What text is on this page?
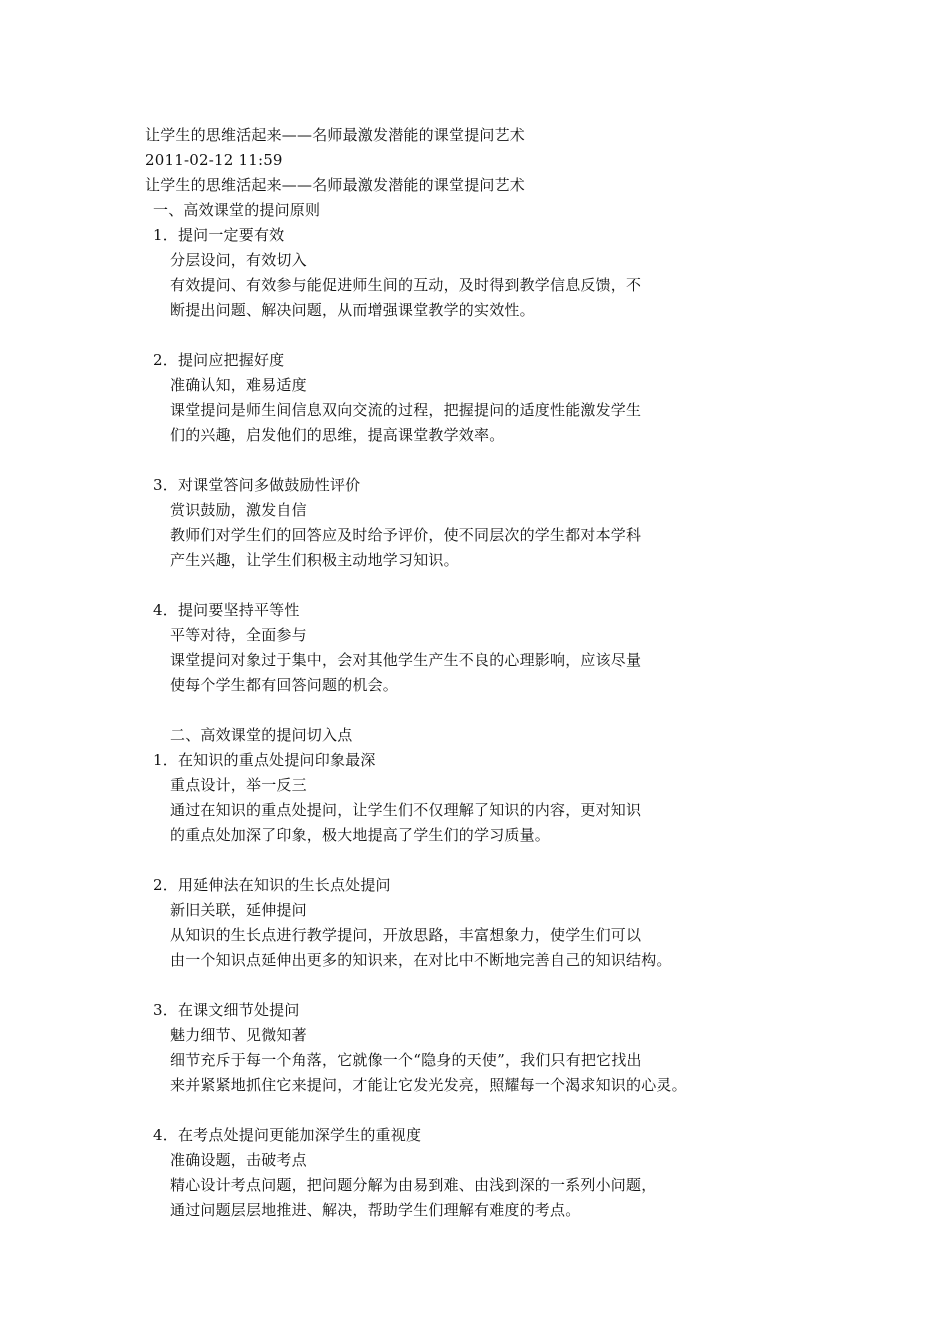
让学生的思维活起来——名师最激发潜能的课堂提问艺术
2011-02-12 11:59
让学生的思维活起来——名师最激发潜能的课堂提问艺术
一、高效课堂的提问原则
1．提问一定要有效
分层设问，有效切入
有效提问、有效参与能促进师生间的互动，及时得到教学信息反馈，不
断提出问题、解决问题，从而增强课堂教学的实效性。
2．提问应把握好度
准确认知，难易适度
课堂提问是师生间信息双向交流的过程，把握提问的适度性能激发学生
们的兴趣，启发他们的思维，提高课堂教学效率。
3．对课堂答问多做鼓励性评价
赏识鼓励，激发自信
教师们对学生们的回答应及时给予评价，使不同层次的学生都对本学科
产生兴趣，让学生们积极主动地学习知识。
4．提问要坚持平等性
平等对待，全面参与
课堂提问对象过于集中，会对其他学生产生不良的心理影响，应该尽量
使每个学生都有回答问题的机会。
二、高效课堂的提问切入点
1．在知识的重点处提问印象最深
重点设计，举一反三
通过在知识的重点处提问，让学生们不仅理解了知识的内容，更对知识
的重点处加深了印象，极大地提高了学生们的学习质量。
2．用延伸法在知识的生长点处提问
新旧关联，延伸提问
从知识的生长点进行教学提问，开放思路，丰富想象力，使学生们可以
由一个知识点延伸出更多的知识来，在对比中不断地完善自己的知识结构。
3．在课文细节处提问
魅力细节、见微知著
细节充斥于每一个角落，它就像一个“隐身的天使”，我们只有把它找出
来并紧紧地抓住它来提问，才能让它发光发亮，照耀每一个渴求知识的心灵。
4．在考点处提问更能加深学生的重视度
准确设题，击破考点
精心设计考点问题，把问题分解为由易到难、由浅到深的一系列小问题，
通过问题层层地推进、解决，帮助学生们理解有难度的考点。
